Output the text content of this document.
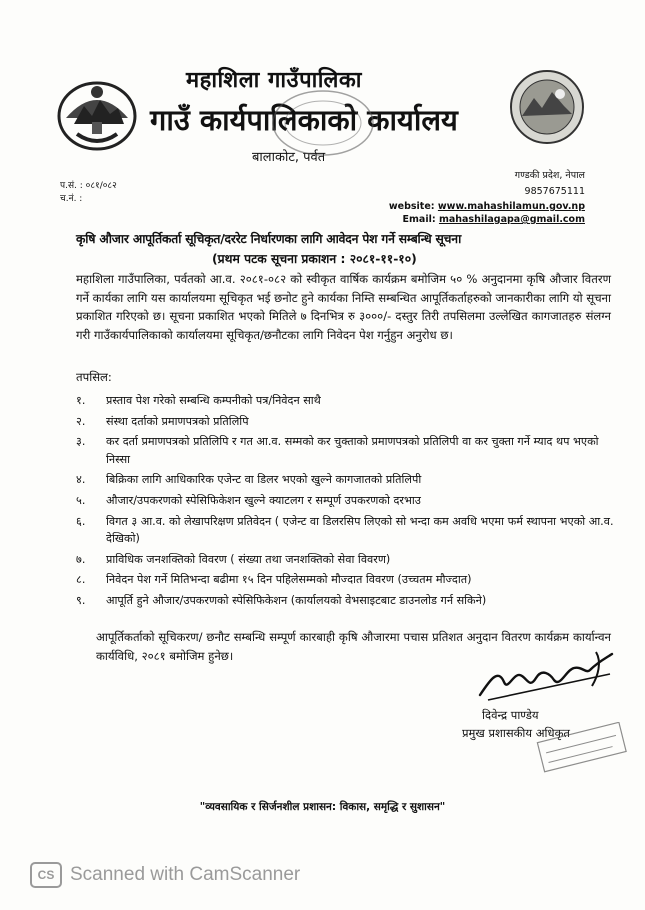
महाशिला गाउँपालिका
गाउँ कार्यपालिकाको कार्यालय
बालाकोट, पर्वत
प.सं. : ०८१/०८२
च.नं. :
गण्डकी प्रदेश, नेपाल
9857675111
website: www.mahashilamun.gov.np
Email: mahashilagapa@gmail.com
कृषि औजार आपूर्तिकर्ता सूचिकृत/दररेट निर्धारणका लागि आवेदन पेश गर्ने सम्बन्धि सूचना
(प्रथम पटक सूचना प्रकाशन : २०८१-११-१०)
महाशिला गाउँपालिका, पर्वतको आ.व. २०८१-०८२ को स्वीकृत वार्षिक कार्यक्रम बमोजिम ५० % अनुदानमा कृषि औजार वितरण गर्ने कार्यका लागि यस कार्यालयमा सूचिकृत भई छनोट हुने कार्यका निम्ति सम्बन्धित आपूर्तिकर्ताहरुको जानकारीका लागि यो सूचना प्रकाशित गरिएको छ। सूचना प्रकाशित भएको मितिले ७ दिनभित्र रु ३०००/- दस्तुर तिरी तपसिलमा उल्लेखित कागजातहरु संलग्न गरी गाउँकार्यपालिकाको कार्यालयमा सूचिकृत/छनौटका लागि निवेदन पेश गर्नुहुन अनुरोध छ।
तपसिल:
१.	प्रस्ताव पेश गरेको सम्बन्धि कम्पनीको पत्र/निवेदन साथै
२.	संस्था दर्ताको प्रमाणपत्रको प्रतिलिपि
३.	कर दर्ता प्रमाणपत्रको प्रतिलिपि र गत आ.व. सम्मको कर चुक्ताको प्रमाणपत्रको प्रतिलिपी वा कर चुक्ता गर्ने म्याद थप भएको निस्सा
४.	बिक्रिका लागि आधिकारिक एजेन्ट वा डिलर भएको खुल्ने कागजातको प्रतिलिपी
५.	औजार/उपकरणको स्पेसिफिकेशन खुल्ने क्याटलग र सम्पूर्ण उपकरणको दरभाउ
६.	विगत ३ आ.व. को लेखापरिक्षण प्रतिवेदन ( एजेन्ट वा डिलरसिप लिएको सो भन्दा कम अवधि भएमा फर्म स्थापना भएको आ.व. देखिको)
७.	प्राविधिक जनशक्तिको विवरण ( संख्या तथा जनशक्तिको सेवा विवरण)
८.	निवेदन पेश गर्ने मितिभन्दा बढीमा १५ दिन पहिलेसम्मको मौज्दात विवरण (उच्चतम मौज्दात)
९.	आपूर्ति हुने औजार/उपकरणको स्पेसिफिकेशन (कार्यालयको वेभसाइटबाट डाउनलोड गर्न सकिने)
आपूर्तिकर्ताको सूचिकरण/ छनौट सम्बन्धि सम्पूर्ण कारबाही कृषि औजारमा पचास प्रतिशत अनुदान वितरण कार्यक्रम कार्यान्वन कार्यविधि, २०८१ बमोजिम हुनेछ।
दिवेन्द्र पाण्डेय
प्रमुख प्रशासकीय अधिकृत
"व्यवसायिक र सिर्जनशील प्रशासन: विकास, समृद्धि र सुशासन"
CS Scanned with CamScanner
